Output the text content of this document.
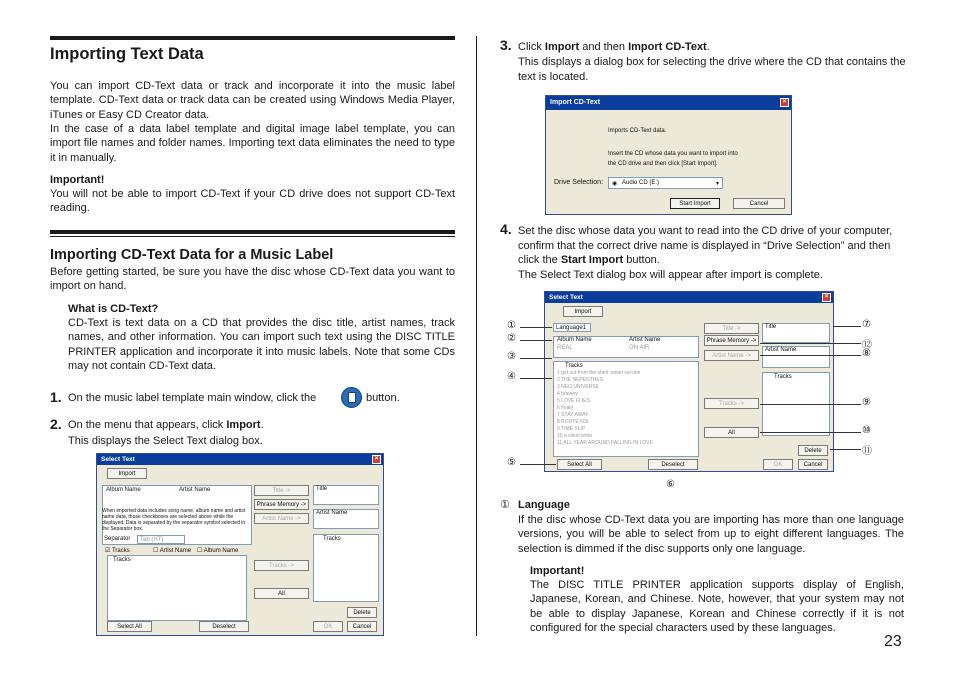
Importing Text Data
You can import CD-Text data or track and incorporate it into the music label template. CD-Text data or track data can be created using Windows Media Player, iTunes or Easy CD Creator data.
In the case of a data label template and digital image label template, you can import file names and folder names. Importing text data eliminates the need to type it in manually.
Important!
You will not be able to import CD-Text if your CD drive does not support CD-Text reading.
Importing CD-Text Data for a Music Label
Before getting started, be sure you have the disc whose CD-Text data you want to import on hand.
What is CD-Text?
CD-Text is text data on a CD that provides the disc title, artist names, track names, and other information. You can import such text using the DISC TITLE PRINTER application and incorporate it into music labels. Note that some CDs may not contain CD-Text data.
1. On the music label template main window, click the	button.
2. On the menu that appears, click Import.
This displays the Select Text dialog box.
Select Text	×
Import
Album Name	Artist Name
When imported data includes song name, album name and artist name data, those checkboxes are selected above while the displayed. Data is separated by the separator symbol selected in the Separator box.
Separator Tab (HT)
☑ Tracks	☐ Artist Name ☐ Album Name
Tracks
Title ->
Phrase Memory ->
Artist Name ->
Tracks ->
All
Title
Artist Name
Tracks
Delete
Select All	Deselect	OK	Cancel
3. Click Import and then Import CD-Text.
This displays a dialog box for selecting the drive where the CD that contains the text is located.
Import CD-Text	×
Imports CD-Text data.
Insert the CD whose data you want to import into
the CD drive and then click [Start Import].
Drive Selection: ◉ Audio CD (E:)	▾
Start Import	Cancel
4. Set the disc whose data you want to read into the CD drive of your computer, confirm that the correct drive name is displayed in “Drive Selection” and then click the Start Import button.
The Select Text dialog box will appear after import is complete.
Select Text	×
Import
Language1
Album Name	Artist Name
REAL	ON AIR
Tracks
1 get out from the shell -asian version
2 THE NEPENTHES
3 NEO UNIVERSE
4 bravery
5 LOVE FLIES
6 finale
7 STAY AWAY
8 ROUTE 666
9 TIME SLIP
10 a silent letter
11 ALL YEAR AROUND FALLING IN LOVE
Title ->
Phrase Memory ->
Artist Name ->
Tracks ->
All
Title
Artist Name
Tracks
Delete
Select All	Deselect	OK	Cancel
①
②
③
④
⑤
⑥
⑦
⑧
⑨
⑩
⑪
⑫
① Language
If the disc whose CD-Text data you are importing has more than one language versions, you will be able to select from up to eight different languages. The selection is dimmed if the disc supports only one language.
Important!
The DISC TITLE PRINTER application supports display of English, Japanese, Korean, and Chinese. Note, however, that your system may not be able to display Japanese, Korean and Chinese correctly if it is not configured for the special characters used by these languages.
23
